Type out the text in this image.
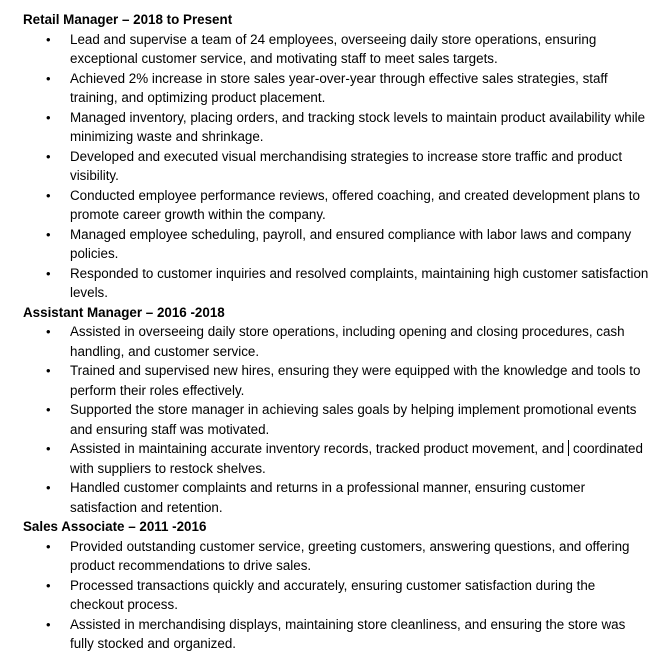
Retail Manager – 2018 to Present
• Lead and supervise a team of 24 employees, overseeing daily store operations, ensuring exceptional customer service, and motivating staff to meet sales targets.
• Achieved 2% increase in store sales year-over-year through effective sales strategies, staff training, and optimizing product placement.
• Managed inventory, placing orders, and tracking stock levels to maintain product availability while minimizing waste and shrinkage.
• Developed and executed visual merchandising strategies to increase store traffic and product visibility.
• Conducted employee performance reviews, offered coaching, and created development plans to promote career growth within the company.
• Managed employee scheduling, payroll, and ensured compliance with labor laws and company policies.
• Responded to customer inquiries and resolved complaints, maintaining high customer satisfaction levels.
Assistant Manager – 2016 -2018
• Assisted in overseeing daily store operations, including opening and closing procedures, cash handling, and customer service.
• Trained and supervised new hires, ensuring they were equipped with the knowledge and tools to perform their roles effectively.
• Supported the store manager in achieving sales goals by helping implement promotional events and ensuring staff was motivated.
• Assisted in maintaining accurate inventory records, tracked product movement, and coordinated with suppliers to restock shelves.
• Handled customer complaints and returns in a professional manner, ensuring customer satisfaction and retention.
Sales Associate – 2011 -2016
• Provided outstanding customer service, greeting customers, answering questions, and offering product recommendations to drive sales.
• Processed transactions quickly and accurately, ensuring customer satisfaction during the checkout process.
• Assisted in merchandising displays, maintaining store cleanliness, and ensuring the store was fully stocked and organized.
